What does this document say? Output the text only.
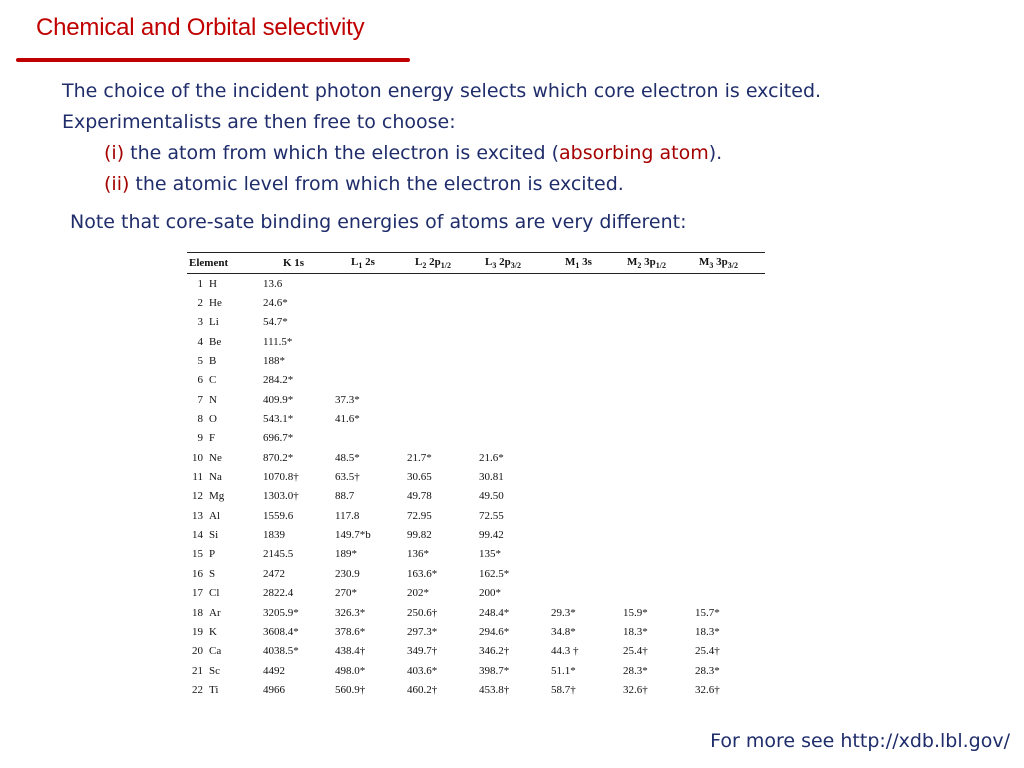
Chemical and Orbital selectivity

The choice of the incident photon energy selects which core electron is excited.

Experimentalists are then free to choose:

(i) the atom from which the electron is excited (absorbing atom).

(ii) the atomic level from which the electron is excited.

Note that core-sate binding energies of atoms are very different:

Element		K 1s	$L_1$ 2s	$L_2$ $2p_{1/2}$	$L_3$ $2p_{3/2}$	$M_1$ 3s	$M_2$ $3p_{1/2}$	$M_3$ $3p_{3/2}$
1	H	13.6						
2	He	24.6*						
3	Li	54.7*						
4	Be	111.5*						
5	B	188*						
6	C	284.2*						
7	N	409.9*	37.3*					
8	O	543.1*	41.6*					
9	F	696.7*						
10	Ne	870.2*	48.5*	21.7*	21.6*			
11	Na	1070.8†	63.5†	30.65	30.81			
12	Mg	1303.0†	88.7	49.78	49.50			
13	Al	1559.6	117.8	72.95	72.55			
14	Si	1839	149.7*b	99.82	99.42			
15	P	2145.5	189*	136*	135*			
16	S	2472	230.9	163.6*	162.5*			
17	Cl	2822.4	270*	202*	200*			
18	Ar	3205.9*	326.3*	250.6†	248.4*	29.3*	15.9*	15.7*
19	K	3608.4*	378.6*	297.3*	294.6*	34.8*	18.3*	18.3*
20	Ca	4038.5*	438.4†	349.7†	346.2†	44.3 †	25.4†	25.4†
21	Sc	4492	498.0*	403.6*	398.7*	51.1*	28.3*	28.3*
22	Ti	4966	560.9†	460.2†	453.8†	58.7†	32.6†	32.6†

For more see http://xdb.lbl.gov/
